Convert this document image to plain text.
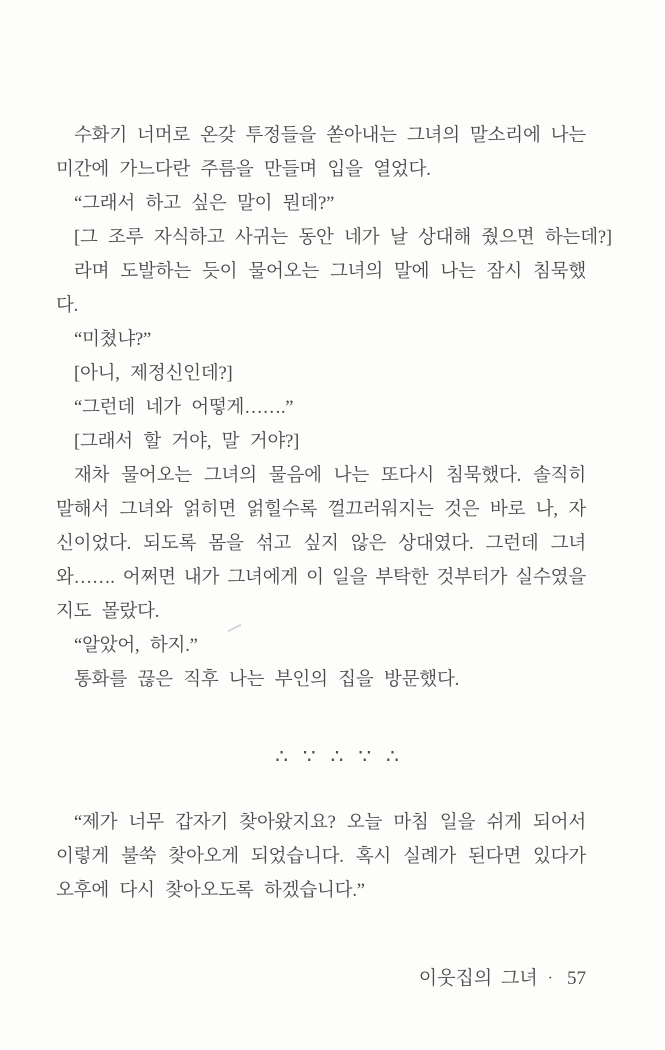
수화기 너머로 온갖 투정들을 쏟아내는 그녀의 말소리에 나는
미간에 가느다란 주름을 만들며 입을 열었다.
“그래서 하고 싶은 말이 뭔데?”
[그 조루 자식하고 사귀는 동안 네가 날 상대해 줬으면 하는데?]
라며 도발하는 듯이 물어오는 그녀의 말에 나는 잠시 침묵했
다.
“미쳤냐?”
[아니, 제정신인데?]
“그런데 네가 어떻게…….”
[그래서 할 거야, 말 거야?]
재차 물어오는 그녀의 물음에 나는 또다시 침묵했다. 솔직히
말해서 그녀와 얽히면 얽힐수록 껄끄러워지는 것은 바로 나, 자
신이었다. 되도록 몸을 섞고 싶지 않은 상대였다. 그런데 그녀
와……. 어쩌면 내가 그녀에게 이 일을 부탁한 것부터가 실수였을
지도 몰랐다.
“알았어, 하지.”
통화를 끊은 직후 나는 부인의 집을 방문했다.
∴ ∵ ∴ ∵ ∴
“제가 너무 갑자기 찾아왔지요? 오늘 마침 일을 쉬게 되어서
이렇게 불쑥 찾아오게 되었습니다. 혹시 실례가 된다면 있다가
오후에 다시 찾아오도록 하겠습니다.”
이웃집의 그녀 · 57
